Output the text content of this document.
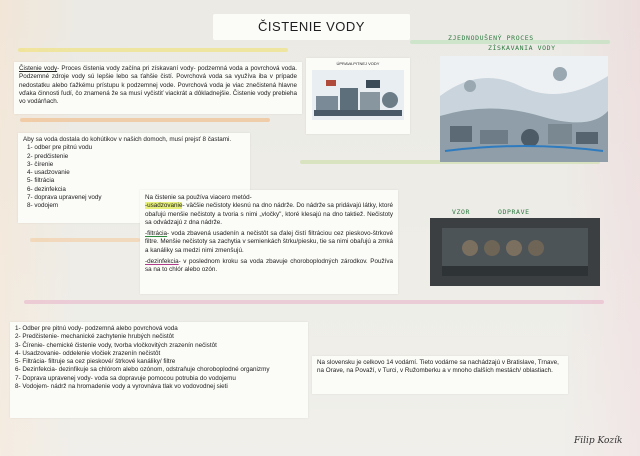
ČISTENIE VODY
Čistenie vody- Proces čistenia vody začína pri získavaní vody- podzemná voda a povrchová voda. Podzemné zdroje vody sú lepšie lebo sa ťahšie čistí. Povrchová voda sa využíva iba v prípade nedostatku alebo ťažkému prístupu k podzemnej vode. Povrchová voda je viac znečistená hlavne vďaka činnosti ľudí, čo znamená že sa musí vyčistiť viackrát a dôkladnejšie. Čistenie vody prebieha vo vodárňach.
ÚPRAVA PITNEJ VODY
ZJEDNODUŠENÝ PROCES
ZÍSKAVANIA VODY
Aby sa voda dostala do kohútikov v našich domoch, musí prejsť 8 častami.
1- odber pre pitnú vodu
2- predčistenie
3- čírenie
4- usadzovanie
5- filtrácia
6- dezinfekcia
7- doprava upravenej vody
8- vodojem
Na čistenie sa používa viacero metód-
-usadzovanie- väčšie nečistoty klesnú na dno nádrže. Do nádrže sa pridávajú látky, ktoré obaľujú menšie nečistoty a tvoria s nimi „vločky", ktoré klesajú na dno taktiež. Nečistoty sa odvádzajú z dna nádrže.
-filtrácia- voda zbavená usadenín a nečistôt sa ďalej čistí filtráciou cez pieskovo-štrkové filtre. Menšie nečistoty sa zachytia v semienkách štrku/piesku, tie sa nimi obaľujú a zmká a kanáliky sa medzi nimi zmenšujú.
-dezinfekcia- v poslednom kroku sa voda zbavuje choroboplodných zárodkov. Používa sa na to chlór alebo ozón.
VZOR	ODPRAVE
1- Odber pre pitnú vody- podzemná alebo povrchová voda
2- Predčistenie- mechanické zachytenie hrubých nečistôt
3- Čírenie- chemické čistenie vody, tvorba vločkovitých zrazenín nečistôt
4- Usadzovanie- oddelenie vločiek zrazenín nečistôt
5- Filtrácia- filtruje sa cez pieskové/ štrkové kanáliky/ filtre
6- Dezinfekcia- dezinfikuje sa chlórom alebo ozónom, odstraňuje choroboplodné organizmy
7- Doprava upravenej vody- voda sa dopravuje pomocou potrubia do vodojemu
8- Vodojem- nádrž na hromadenie vody a vyrovnáva tlak vo vodovodnej sieti
Na slovensku je celkovo 14 vodární. Tieto vodárne sa nachádzajú v Bratislave, Trnave, na Orave, na Považí, v Turci, v Ružomberku a v mnoho ďalších mestách/ oblastiach.
Filip Kozík
